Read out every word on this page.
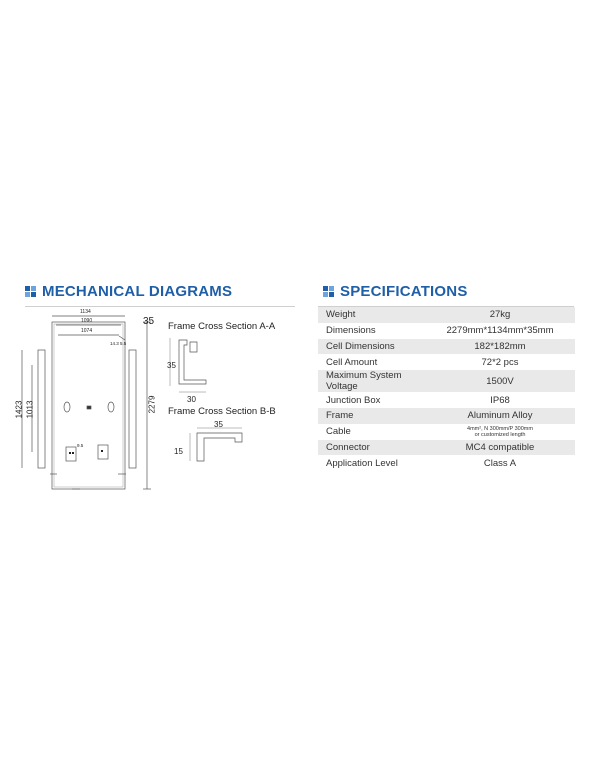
MECHANICAL DIAGRAMS	SPECIFICATIONS
1134
1090
1074
35
2279
1423 1013
14.3 5.5
9.5
Frame Cross Section A-A
35
30
Frame Cross Section B-B
35
15
Weight	27kg
Dimensions	2279mm*1134mm*35mm
Cell Dimensions	182*182mm
Cell Amount	72*2 pcs
Maximum System Voltage	1500V
Junction Box	IP68
Frame	Aluminum Alloy
Cable	4mm², N 300mm/P 300mm
or customized length

Connector	MC4 compatible
Application Level	Class A
